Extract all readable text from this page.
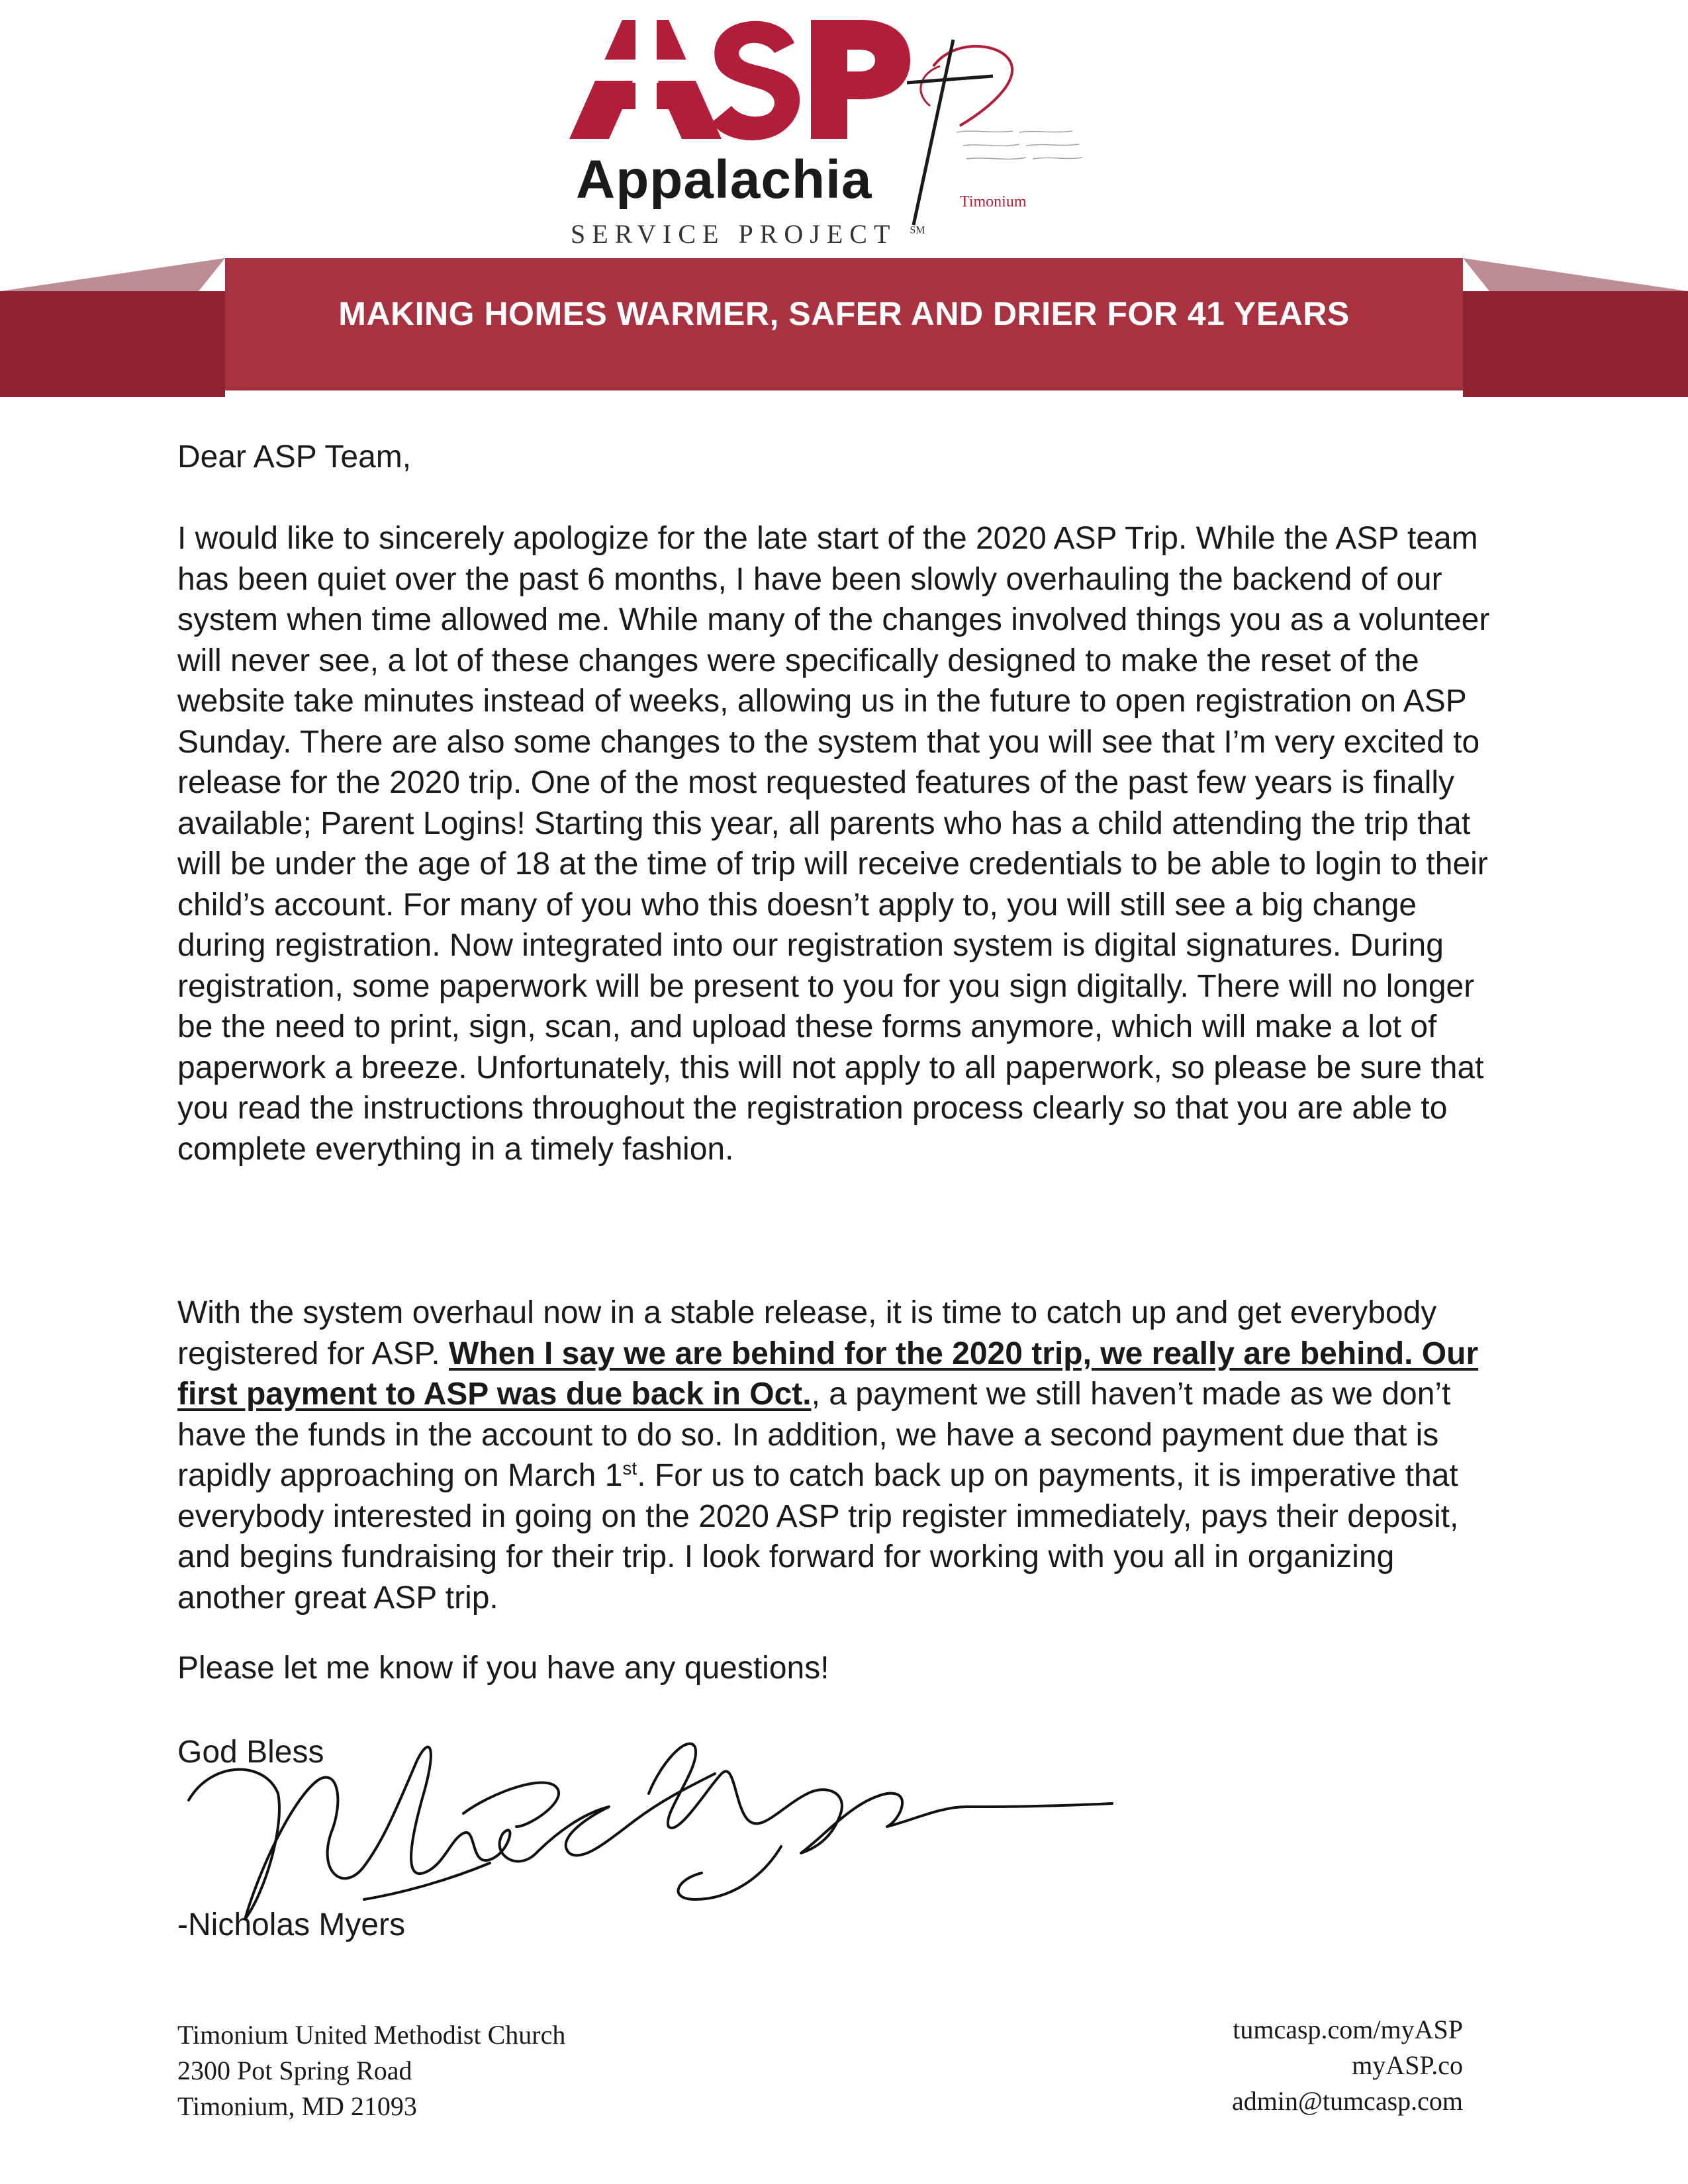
Appalachia
SERVICE PROJECT ℠
Timonium
MAKING HOMES WARMER, SAFER AND DRIER FOR 41 YEARS
Dear ASP Team,
I would like to sincerely apologize for the late start of the 2020 ASP Trip. While the ASP team has been quiet over the past 6 months, I have been slowly overhauling the backend of our system when time allowed me. While many of the changes involved things you as a volunteer will never see, a lot of these changes were specifically designed to make the reset of the website take minutes instead of weeks, allowing us in the future to open registration on ASP Sunday. There are also some changes to the system that you will see that I’m very excited to release for the 2020 trip. One of the most requested features of the past few years is finally available; Parent Logins! Starting this year, all parents who has a child attending the trip that will be under the age of 18 at the time of trip will receive credentials to be able to login to their child’s account. For many of you who this doesn’t apply to, you will still see a big change during registration. Now integrated into our registration system is digital signatures. During registration, some paperwork will be present to you for you sign digitally. There will no longer be the need to print, sign, scan, and upload these forms anymore, which will make a lot of paperwork a breeze. Unfortunately, this will not apply to all paperwork, so please be sure that you read the instructions throughout the registration process clearly so that you are able to complete everything in a timely fashion.
With the system overhaul now in a stable release, it is time to catch up and get everybody registered for ASP. When I say we are behind for the 2020 trip, we really are behind. Our first payment to ASP was due back in Oct., a payment we still haven’t made as we don’t have the funds in the account to do so. In addition, we have a second payment due that is rapidly approaching on March 1st. For us to catch back up on payments, it is imperative that everybody interested in going on the 2020 ASP trip register immediately, pays their deposit, and begins fundraising for their trip. I look forward for working with you all in organizing another great ASP trip.
Please let me know if you have any questions!
God Bless
-Nicholas Myers
Timonium United Methodist Church
2300 Pot Spring Road
Timonium, MD 21093
tumcasp.com/myASP
myASP.co
admin@tumcasp.com
